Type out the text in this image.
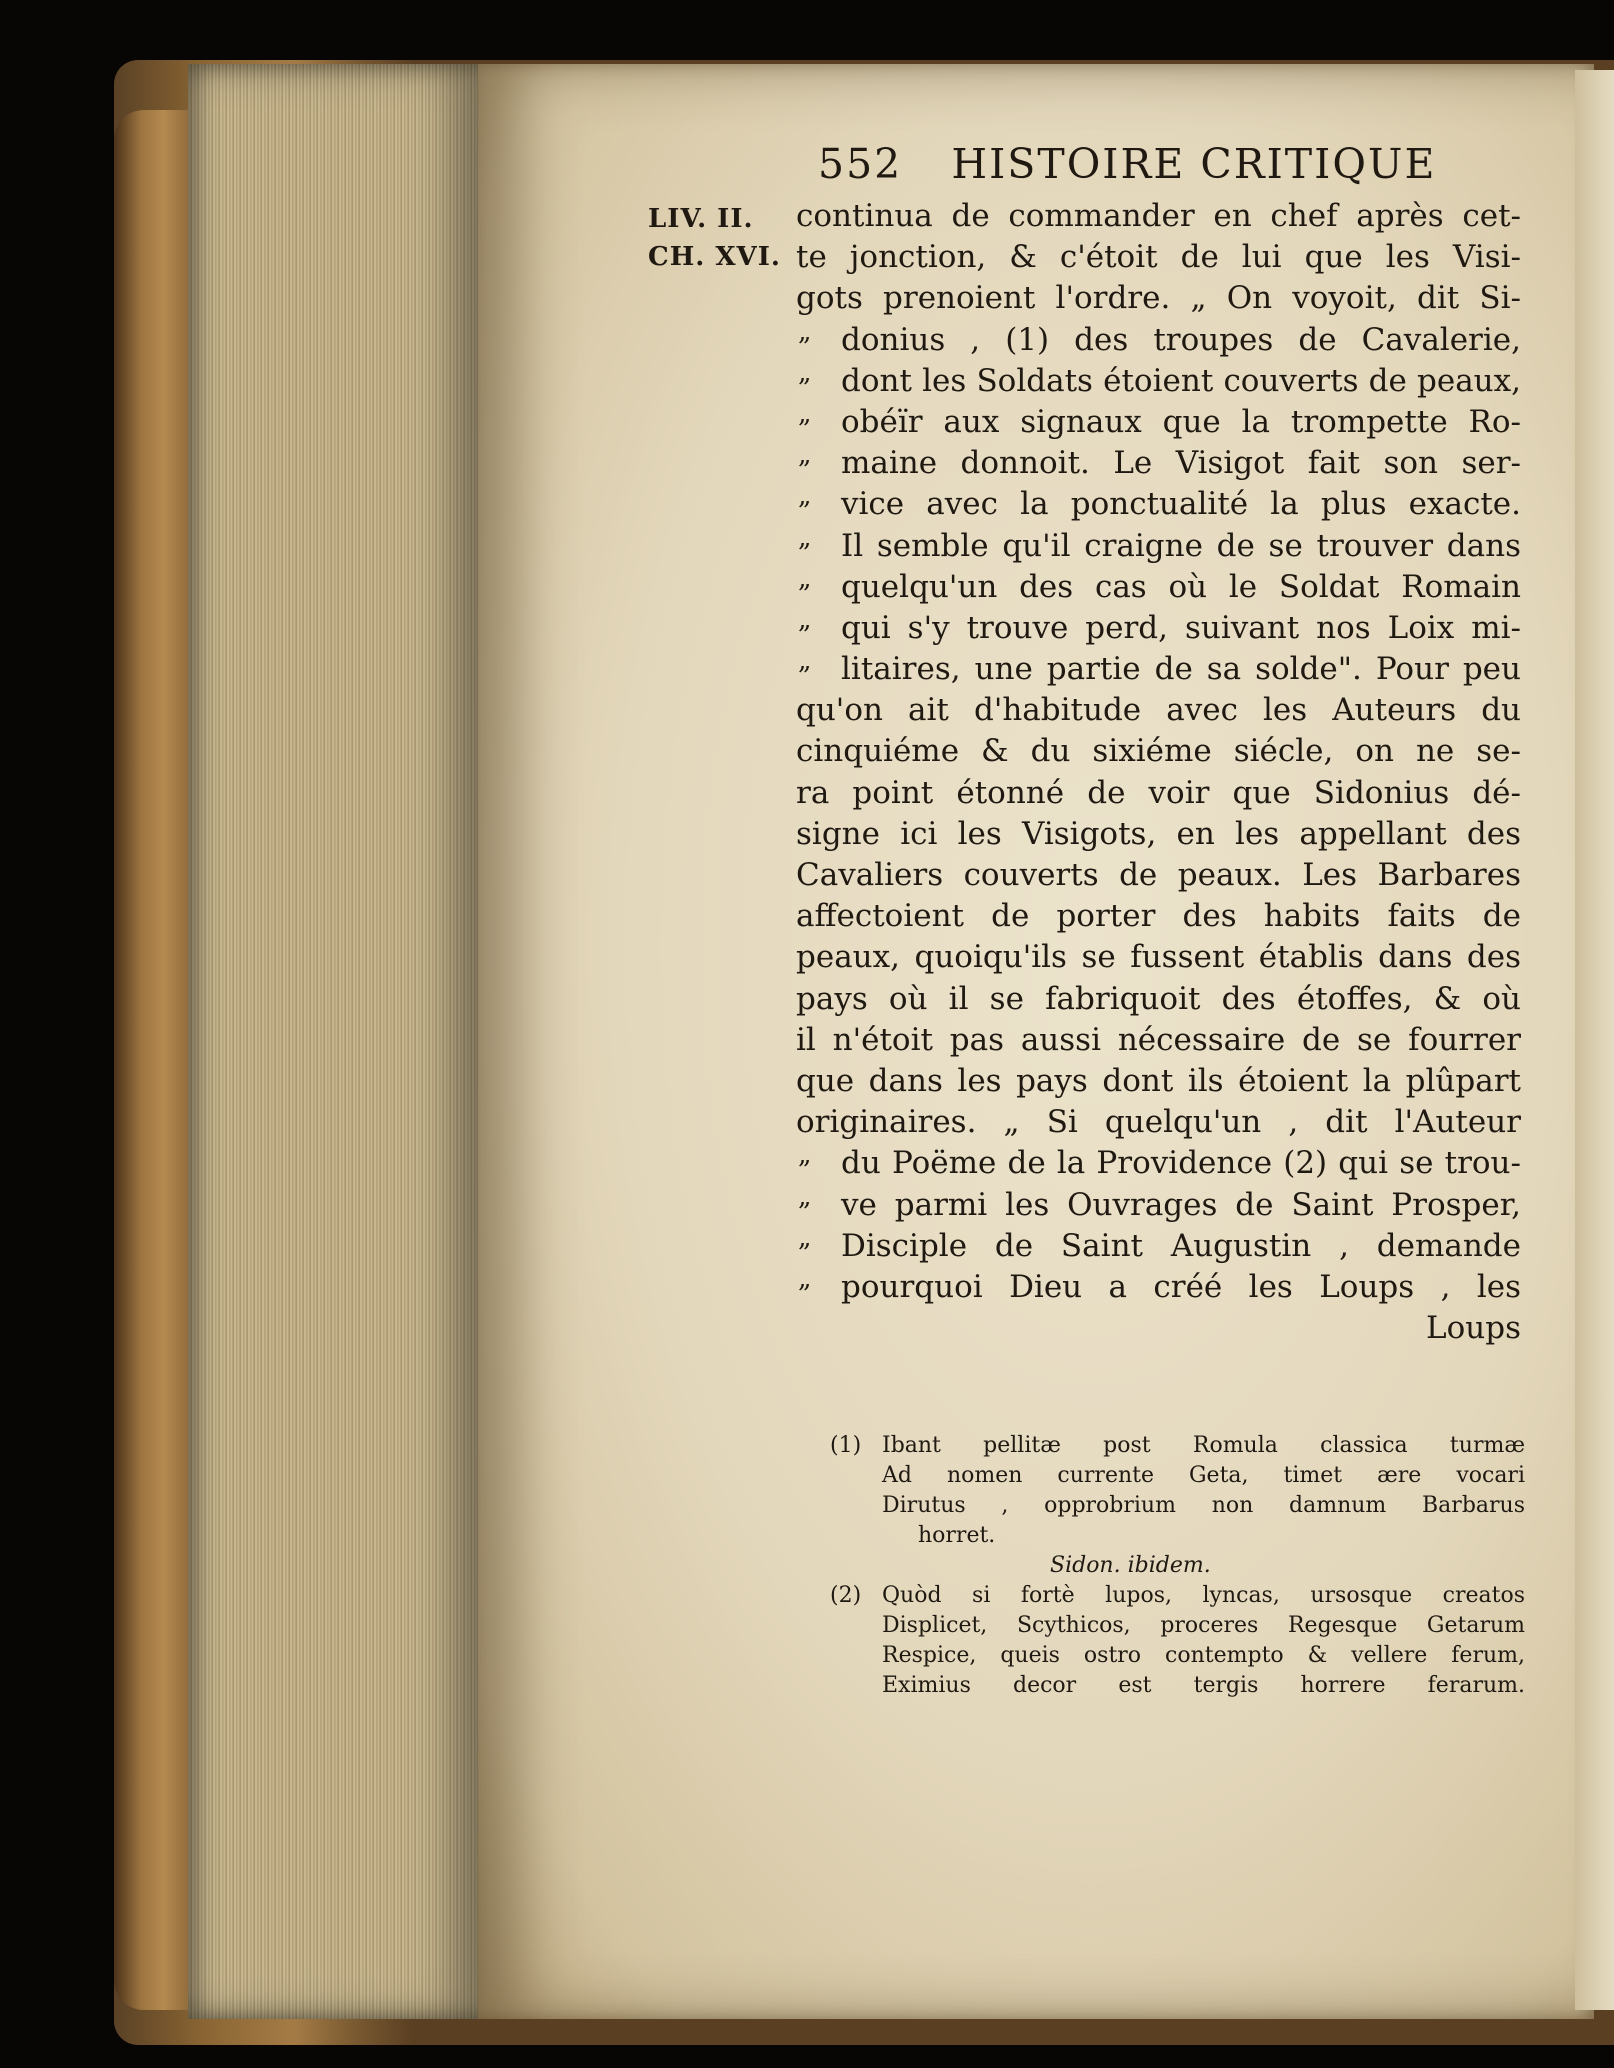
552 HISTOIRE CRITIQUE
LIV. II.
CH. XVI.
continua de commander en chef après cet-
te jonction, & c'étoit de lui que les Visi-
gots prenoient l'ordre. „ On voyoit, dit Si-
„ donius , (1) des troupes de Cavalerie,
„ dont les Soldats étoient couverts de peaux,
„ obéïr aux signaux que la trompette Ro-
„ maine donnoit. Le Visigot fait son ser-
„ vice avec la ponctualité la plus exacte.
„ Il semble qu'il craigne de se trouver dans
„ quelqu'un des cas où le Soldat Romain
„ qui s'y trouve perd, suivant nos Loix mi-
„ litaires, une partie de sa solde". Pour peu
qu'on ait d'habitude avec les Auteurs du
cinquiéme & du sixiéme siécle, on ne se-
ra point étonné de voir que Sidonius dé-
signe ici les Visigots, en les appellant des
Cavaliers couverts de peaux. Les Barbares
affectoient de porter des habits faits de
peaux, quoiqu'ils se fussent établis dans des
pays où il se fabriquoit des étoffes, & où
il n'étoit pas aussi nécessaire de se fourrer
que dans les pays dont ils étoient la plûpart
originaires. „ Si quelqu'un , dit l'Auteur
„ du Poëme de la Providence (2) qui se trou-
„ ve parmi les Ouvrages de Saint Prosper,
„ Disciple de Saint Augustin , demande
„ pourquoi Dieu a créé les Loups , les
Loups
(1) Ibant pellitæ post Romula classica turmæ
Ad nomen currente Geta, timet ære vocari
Dirutus , opprobrium non damnum Barbarus
horret.
Sidon. ibidem.
(2) Quòd si fortè lupos, lyncas, ursosque creatos
Displicet, Scythicos, proceres Regesque Getarum
Respice, queis ostro contempto & vellere ferum,
Eximius decor est tergis horrere ferarum.
